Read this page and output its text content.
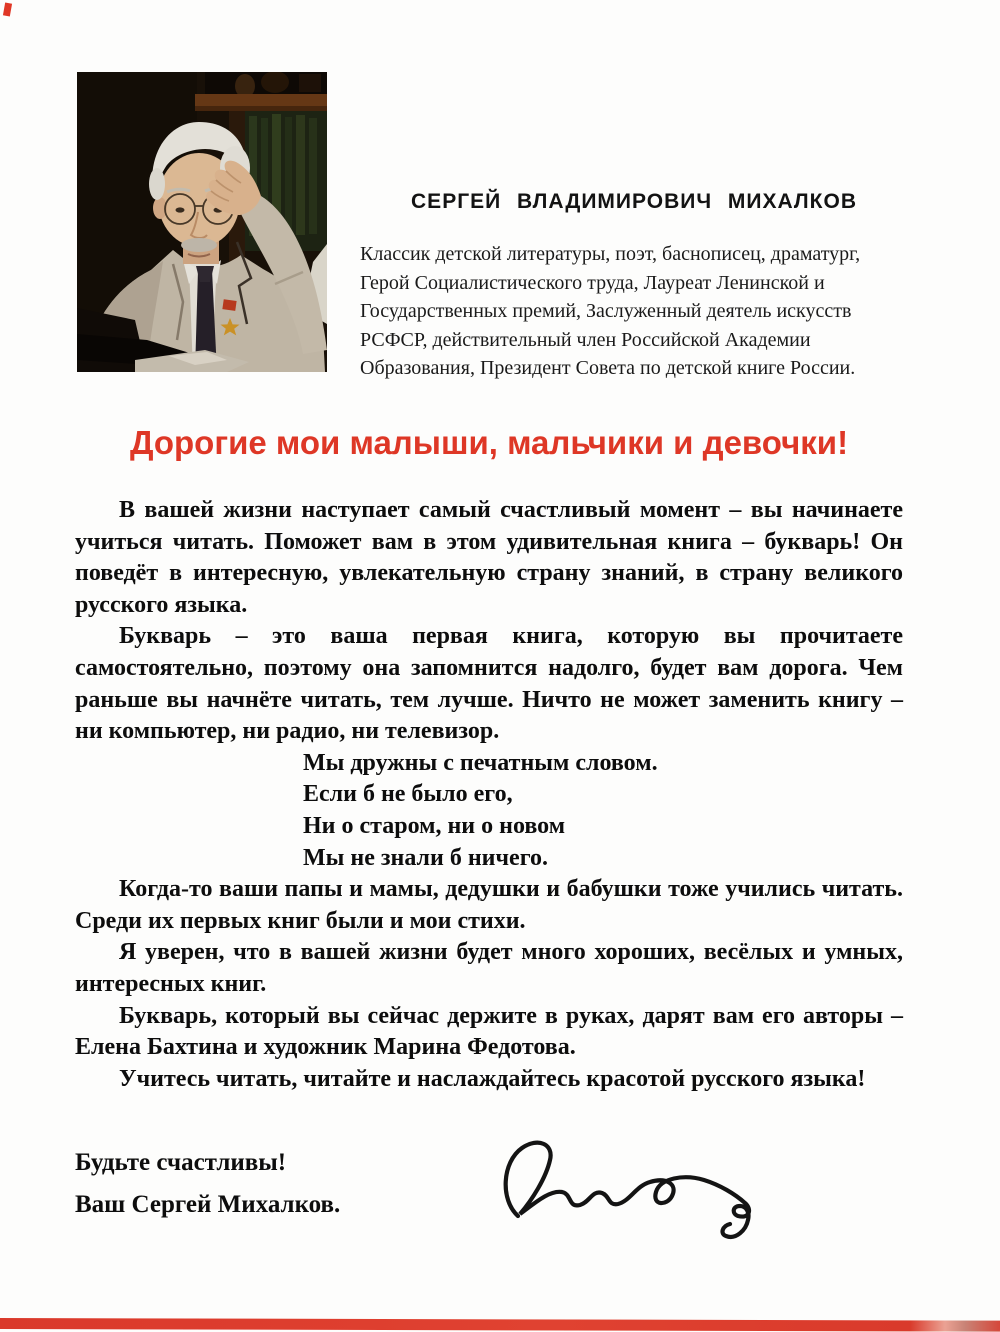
СЕРГЕЙ ВЛАДИМИРОВИЧ МИХАЛКОВ
Классик детской литературы, поэт, баснописец, драматург, Герой Социалистического труда, Лауреат Ленинской и Государственных премий, Заслуженный деятель искусств РСФСР, действительный член Российской Академии Образования, Президент Совета по детской книге России.
Дорогие мои малыши, мальчики и девочки!

В вашей жизни наступает самый счастливый момент – вы начинаете учиться читать. Поможет вам в этом удивительная книга – букварь! Он поведёт в интересную, увлекательную страну знаний, в страну великого русского языка.

Букварь – это ваша первая книга, которую вы прочитаете самостоятельно, поэтому она запомнится надолго, будет вам дорога. Чем раньше вы начнёте читать, тем лучше. Ничто не может заменить книгу – ни компьютер, ни радио, ни телевизор.

Мы дружны с печатным словом.
Если б не было его,
Ни о старом, ни о новом
Мы не знали б ничего.

Когда-то ваши папы и мамы, дедушки и бабушки тоже учились читать. Среди их первых книг были и мои стихи.

Я уверен, что в вашей жизни будет много хороших, весёлых и умных, интересных книг.

Букварь, который вы сейчас держите в руках, дарят вам его авторы – Елена Бахтина и художник Марина Федотова.

Учитесь читать, читайте и наслаждайтесь красотой русского языка!

Будьте счастливы!
Ваш Сергей Михалков.
